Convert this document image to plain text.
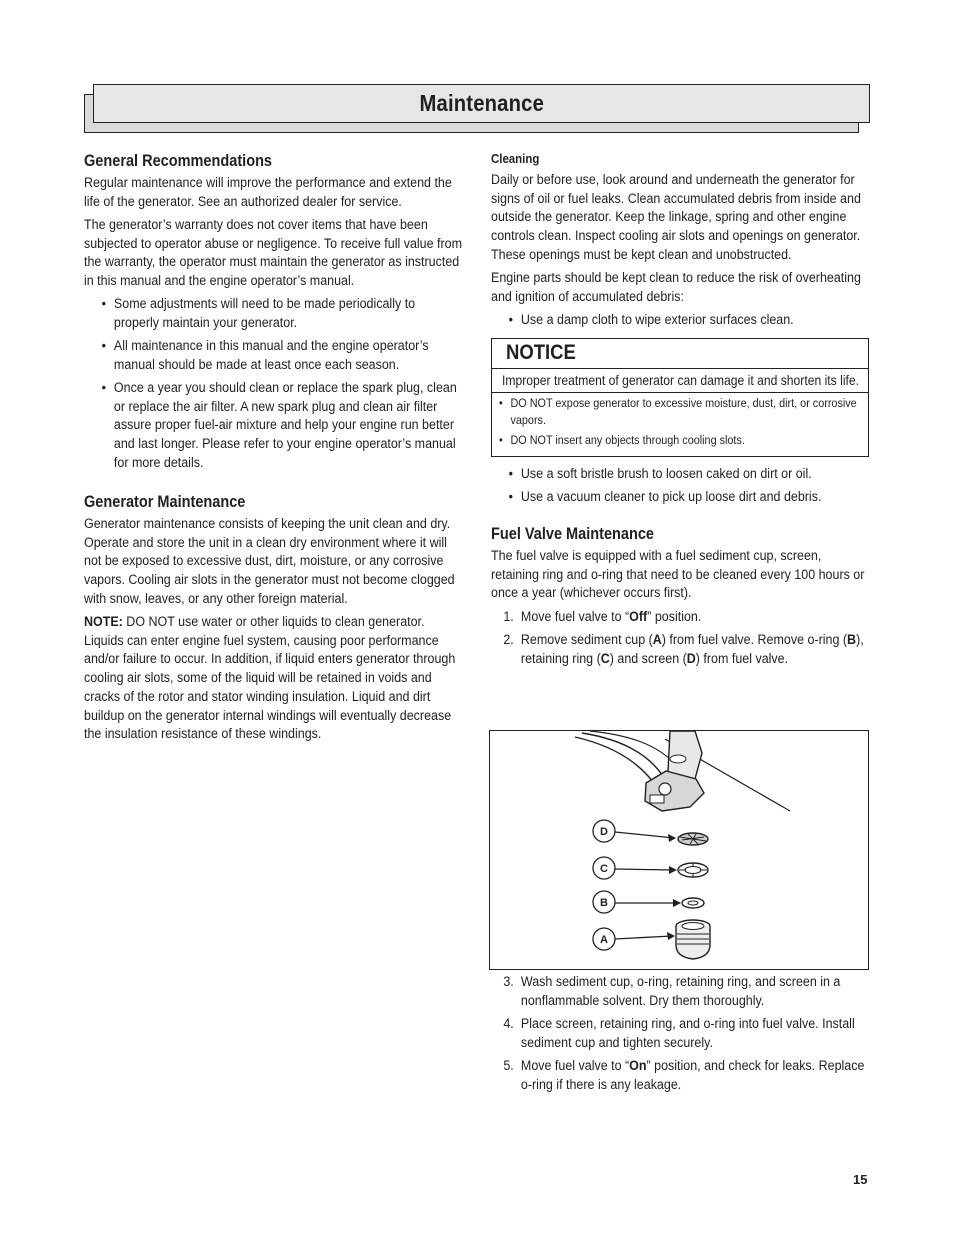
Maintenance
General Recommendations

Regular maintenance will improve the performance and extend the life of the generator. See an authorized dealer for service.

The generator’s warranty does not cover items that have been subjected to operator abuse or negligence. To receive full value from the warranty, the operator must maintain the generator as instructed in this manual and the engine operator’s manual.

• Some adjustments will need to be made periodically to properly maintain your generator.
• All maintenance in this manual and the engine operator’s manual should be made at least once each season.
• Once a year you should clean or replace the spark plug, clean or replace the air filter. A new spark plug and clean air filter assure proper fuel-air mixture and help your engine run better and last longer. Please refer to your engine operator’s manual for more details.
Generator Maintenance

Generator maintenance consists of keeping the unit clean and dry. Operate and store the unit in a clean dry environment where it will not be exposed to excessive dust, dirt, moisture, or any corrosive vapors. Cooling air slots in the generator must not become clogged with snow, leaves, or any other foreign material.

NOTE: DO NOT use water or other liquids to clean generator. Liquids can enter engine fuel system, causing poor performance and/or failure to occur. In addition, if liquid enters generator through cooling air slots, some of the liquid will be retained in voids and cracks of the rotor and stator winding insulation. Liquid and dirt buildup on the generator internal windings will eventually decrease the insulation resistance of these windings.

Cleaning

Daily or before use, look around and underneath the generator for signs of oil or fuel leaks. Clean accumulated debris from inside and outside the generator. Keep the linkage, spring and other engine controls clean. Inspect cooling air slots and openings on generator. These openings must be kept clean and unobstructed.

Engine parts should be kept clean to reduce the risk of overheating and ignition of accumulated debris:

• Use a damp cloth to wipe exterior surfaces clean.
NOTICE

Improper treatment of generator can damage it and shorten its life.

• DO NOT expose generator to excessive moisture, dust, dirt, or corrosive vapors.
• DO NOT insert any objects through cooling slots.
• Use a soft bristle brush to loosen caked on dirt or oil.
• Use a vacuum cleaner to pick up loose dirt and debris.
Fuel Valve Maintenance

The fuel valve is equipped with a fuel sediment cup, screen, retaining ring and o-ring that need to be cleaned every 100 hours or once a year (whichever occurs first).

1. Move fuel valve to “Off” position.
2. Remove sediment cup (A) from fuel valve. Remove o-ring (B), retaining ring (C) and screen (D) from fuel valve.
D
C
B
A
3. Wash sediment cup, o-ring, retaining ring, and screen in a nonflammable solvent. Dry them thoroughly.
4. Place screen, retaining ring, and o-ring into fuel valve. Install sediment cup and tighten securely.
5. Move fuel valve to “On” position, and check for leaks. Replace o-ring if there is any leakage.
15
